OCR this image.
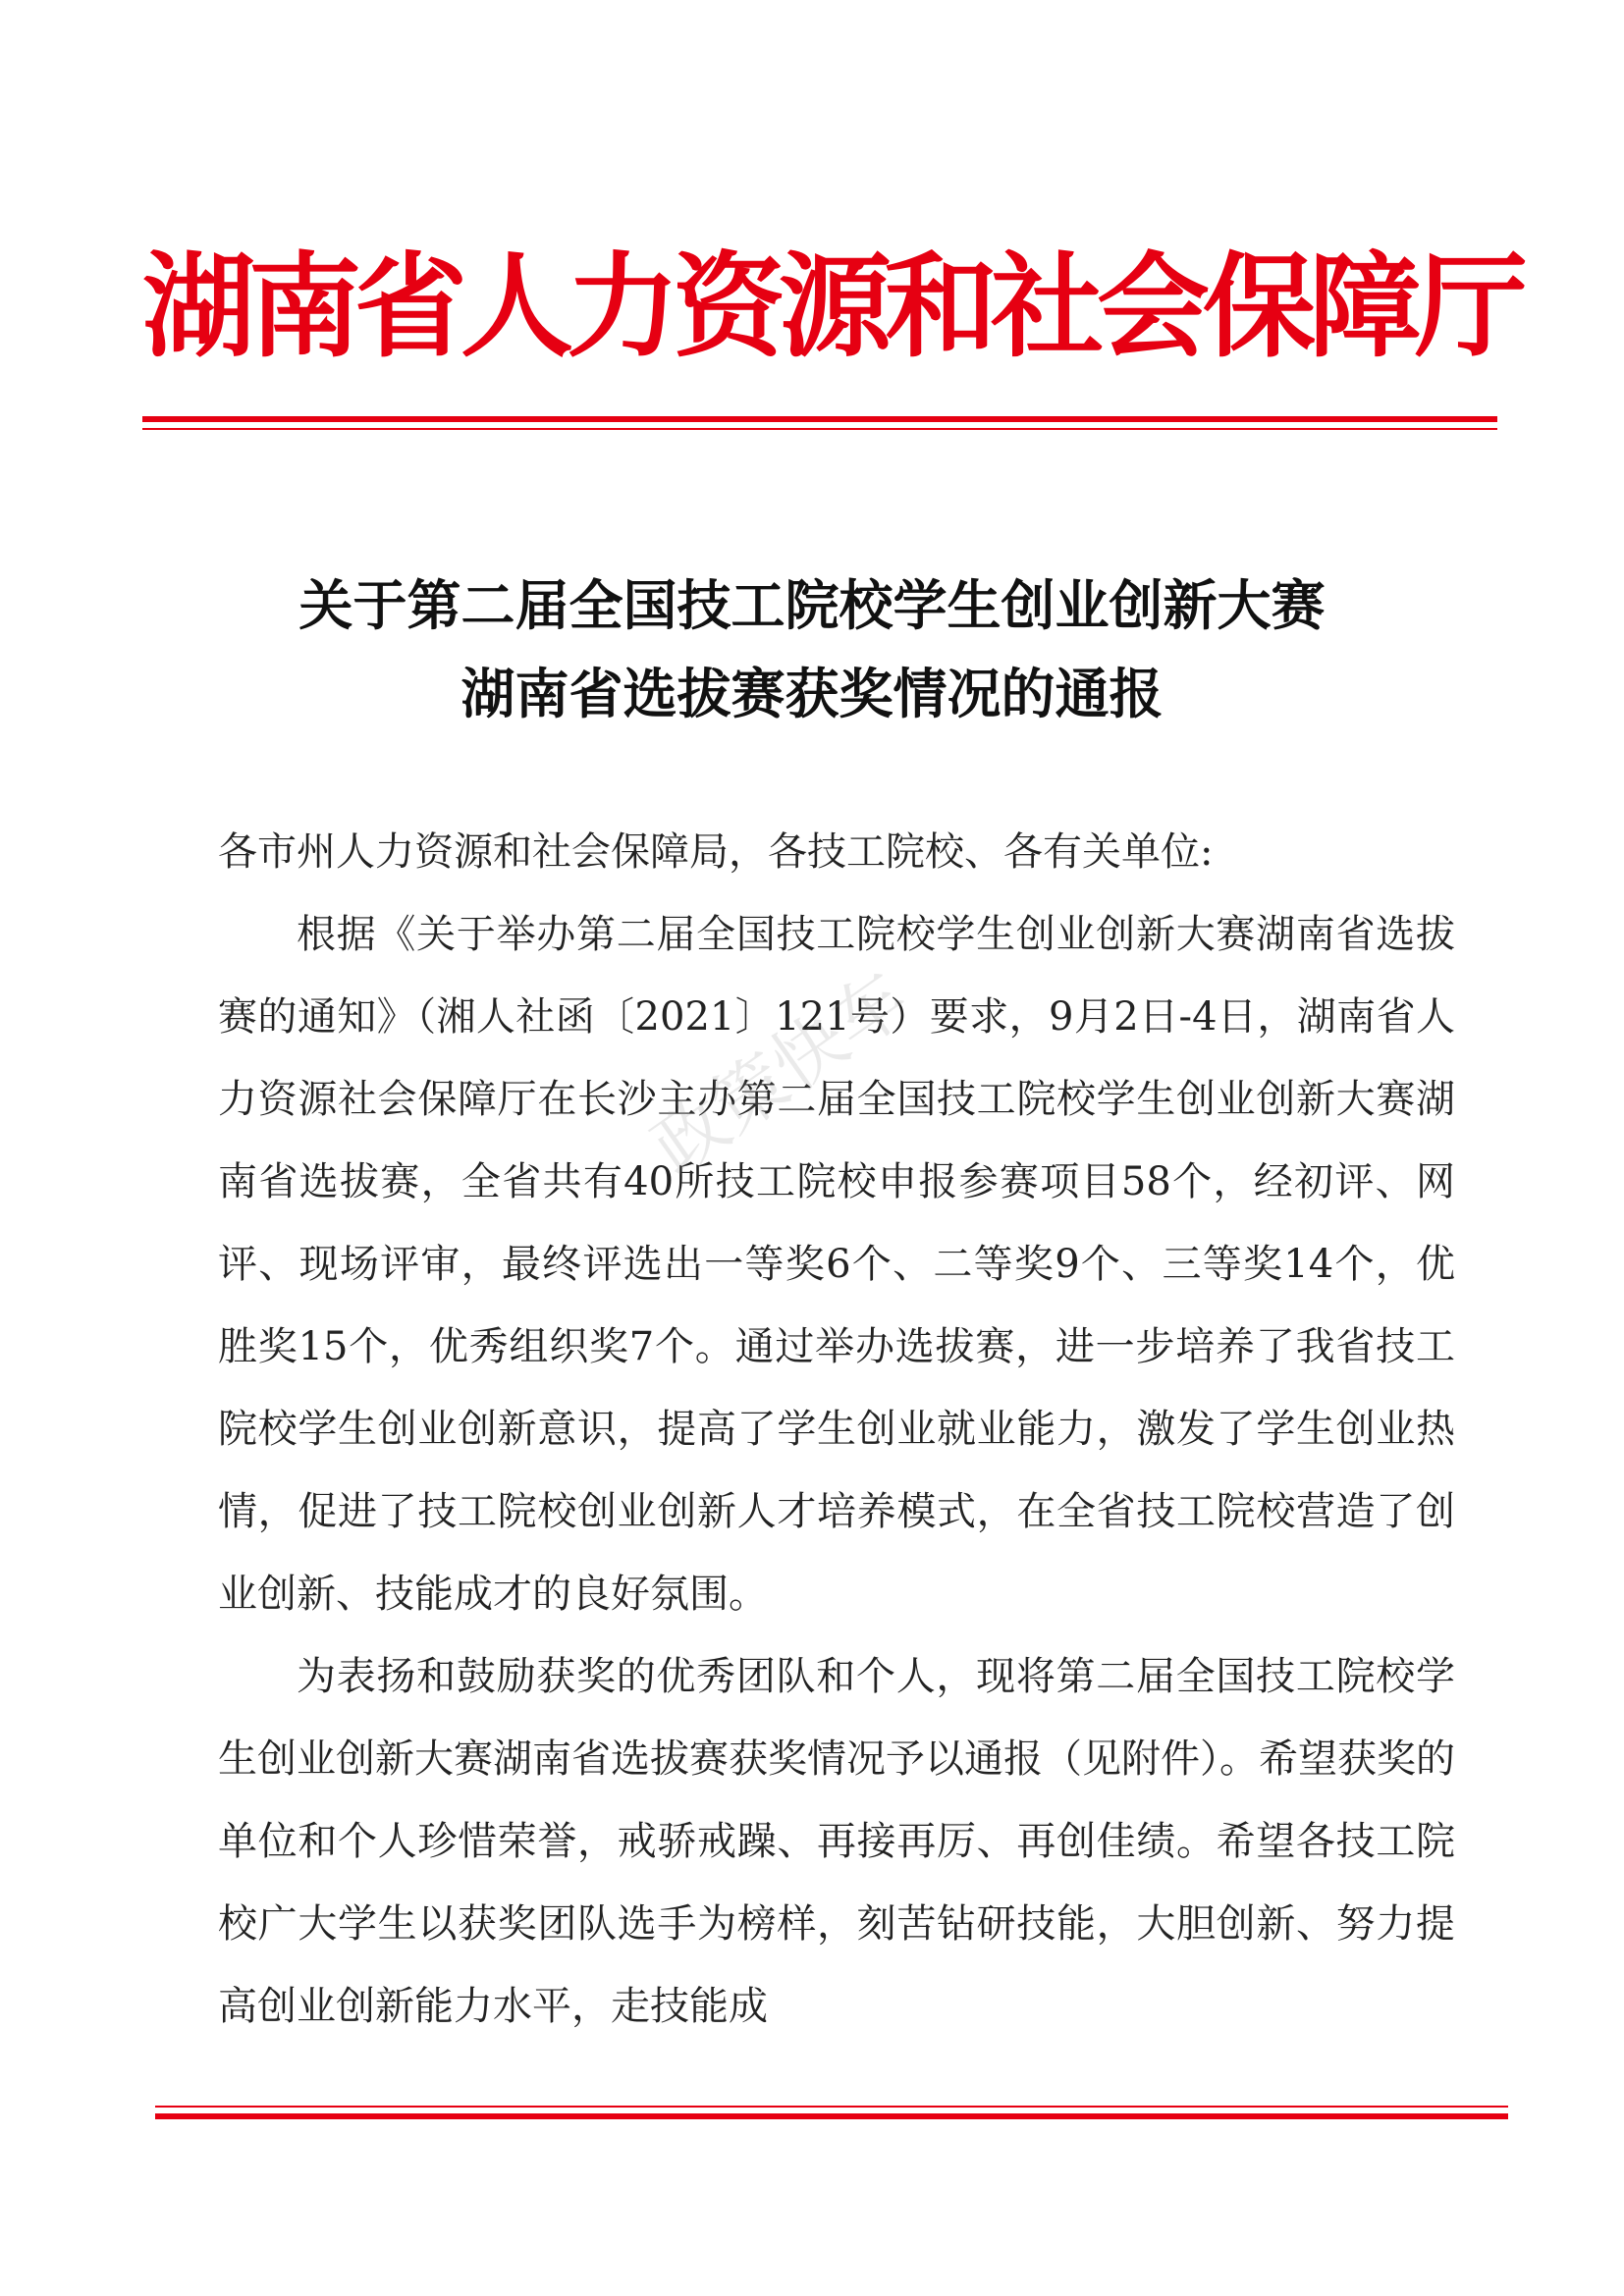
湖南省人力资源和社会保障厅
关于第二届全国技工院校学生创业创新大赛
湖南省选拔赛获奖情况的通报

各市州人力资源和社会保障局，各技工院校、各有关单位:

根据《关于举办第二届全国技工院校学生创业创新大赛湖南省选拔赛的通知》（湘人社函〔2021〕121号）要求，9月2日-4日，湖南省人力资源社会保障厅在长沙主办第二届全国技工院校学生创业创新大赛湖南省选拔赛，全省共有40所技工院校申报参赛项目58个，经初评、网评、现场评审，最终评选出一等奖6个、二等奖9个、三等奖14个，优胜奖15个，优秀组织奖7个。通过举办选拔赛，进一步培养了我省技工院校学生创业创新意识，提高了学生创业就业能力，激发了学生创业热情，促进了技工院校创业创新人才培养模式，在全省技工院校营造了创业创新、技能成才的良好氛围。

为表扬和鼓励获奖的优秀团队和个人，现将第二届全国技工院校学生创业创新大赛湖南省选拔赛获奖情况予以通报（见附件）。希望获奖的单位和个人珍惜荣誉，戒骄戒躁、再接再厉、再创佳绩。希望各技工院校广大学生以获奖团队选手为榜样，刻苦钻研技能，大胆创新、努力提高创业创新能力水平，走技能成

政策快车
